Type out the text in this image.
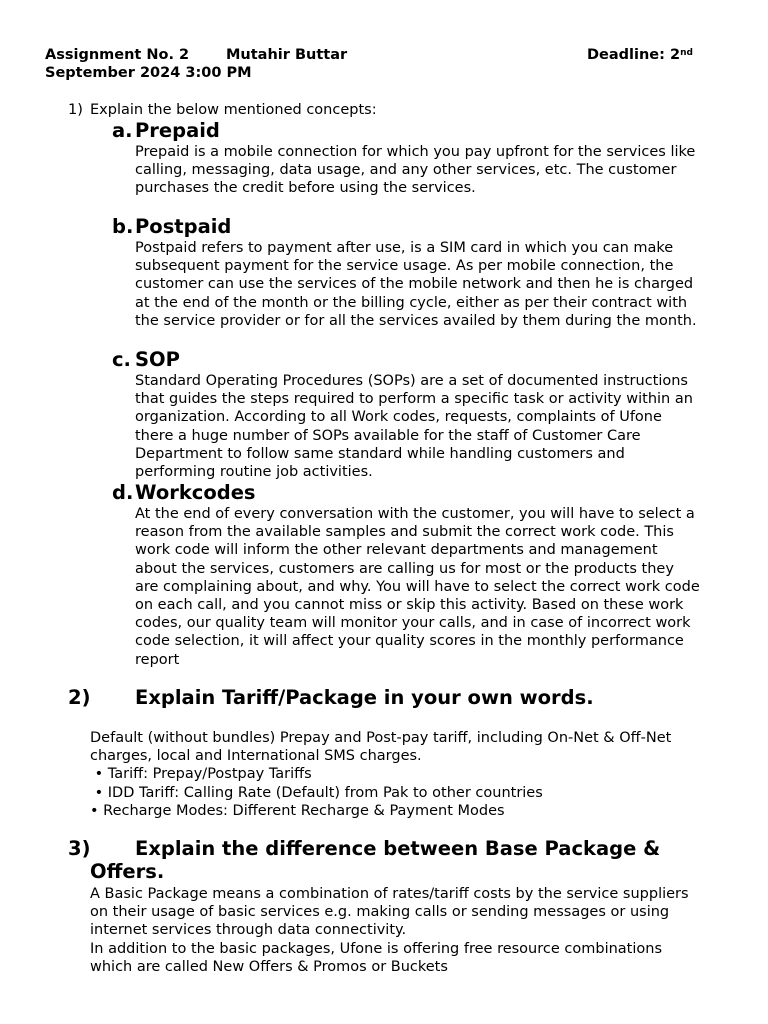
Assignment No. 2	Mutahir Buttar	Deadline: 2nd
September 2024 3:00 PM
1) Explain the below mentioned concepts:
a. Prepaid
Prepaid is a mobile connection for which you pay upfront for the services like
calling, messaging, data usage, and any other services, etc. The customer
purchases the credit before using the services.
b. Postpaid
Postpaid refers to payment after use, is a SIM card in which you can make
subsequent payment for the service usage. As per mobile connection, the
customer can use the services of the mobile network and then he is charged
at the end of the month or the billing cycle, either as per their contract with
the service provider or for all the services availed by them during the month.
c. SOP
Standard Operating Procedures (SOPs) are a set of documented instructions
that guides the steps required to perform a specific task or activity within an
organization. According to all Work codes, requests, complaints of Ufone
there a huge number of SOPs available for the staff of Customer Care
Department to follow same standard while handling customers and
performing routine job activities.
d. Workcodes
At the end of every conversation with the customer, you will have to select a
reason from the available samples and submit the correct work code. This
work code will inform the other relevant departments and management
about the services, customers are calling us for most or the products they
are complaining about, and why. You will have to select the correct work code
on each call, and you cannot miss or skip this activity. Based on these work
codes, our quality team will monitor your calls, and in case of incorrect work
code selection, it will affect your quality scores in the monthly performance
report
2) Explain Tariff/Package in your own words.
Default (without bundles) Prepay and Post-pay tariff, including On-Net & Off-Net
charges, local and International SMS charges.
• Tariff: Prepay/Postpay Tariffs
• IDD Tariff: Calling Rate (Default) from Pak to other countries
• Recharge Modes: Different Recharge & Payment Modes
3) Explain the difference between Base Package &
Offers.
A Basic Package means a combination of rates/tariff costs by the service suppliers
on their usage of basic services e.g. making calls or sending messages or using
internet services through data connectivity.
In addition to the basic packages, Ufone is offering free resource combinations
which are called New Offers & Promos or Buckets
